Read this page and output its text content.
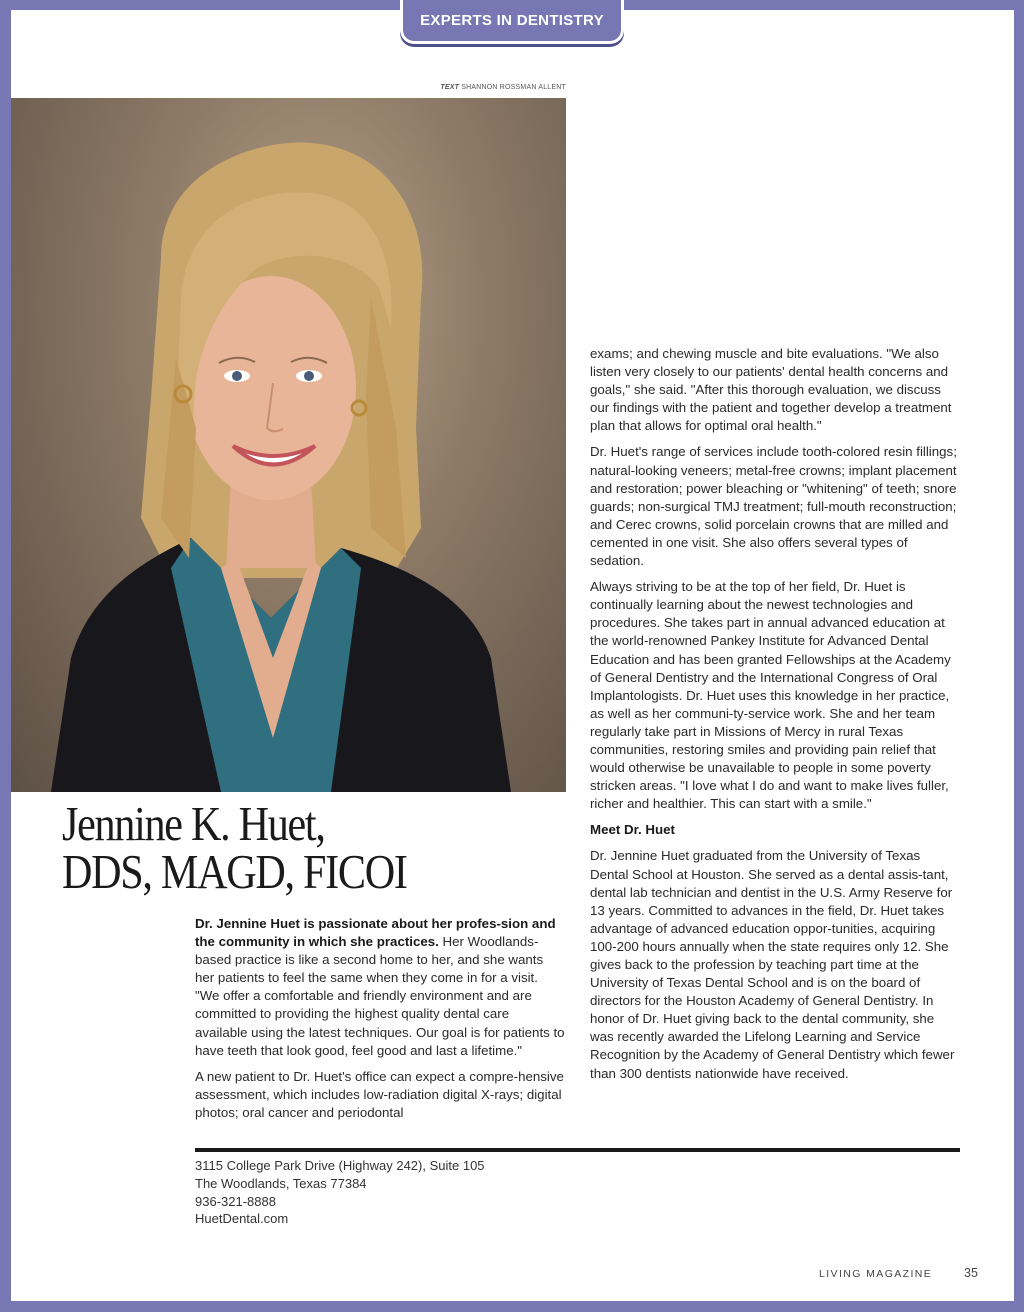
EXPERTS IN DENTISTRY
TEXT SHANNON ROSSMAN ALLENT
Jennine K. Huet,
DDS, MAGD, FICOI

Dr. Jennine Huet is passionate about her profes-sion and the community in which she practices. Her Woodlands-based practice is like a second home to her, and she wants her patients to feel the same when they come in for a visit. "We offer a comfortable and friendly environment and are committed to providing the highest quality dental care available using the latest techniques. Our goal is for patients to have teeth that look good, feel good and last a lifetime."

A new patient to Dr. Huet's office can expect a compre-hensive assessment, which includes low-radiation digital X-rays; digital photos; oral cancer and periodontal

exams; and chewing muscle and bite evaluations. "We also listen very closely to our patients' dental health concerns and goals," she said. "After this thorough evaluation, we discuss our findings with the patient and together develop a treatment plan that allows for optimal oral health."

Dr. Huet's range of services include tooth-colored resin fillings; natural-looking veneers; metal-free crowns; implant placement and restoration; power bleaching or "whitening" of teeth; snore guards; non-surgical TMJ treatment; full-mouth reconstruction; and Cerec crowns, solid porcelain crowns that are milled and cemented in one visit. She also offers several types of sedation.

Always striving to be at the top of her field, Dr. Huet is continually learning about the newest technologies and procedures. She takes part in annual advanced education at the world-renowned Pankey Institute for Advanced Dental Education and has been granted Fellowships at the Academy of General Dentistry and the International Congress of Oral Implantologists. Dr. Huet uses this knowledge in her practice, as well as her communi-ty-service work. She and her team regularly take part in Missions of Mercy in rural Texas communities, restoring smiles and providing pain relief that would otherwise be unavailable to people in some poverty stricken areas. "I love what I do and want to make lives fuller, richer and healthier. This can start with a smile."

Meet Dr. Huet

Dr. Jennine Huet graduated from the University of Texas Dental School at Houston. She served as a dental assis-tant, dental lab technician and dentist in the U.S. Army Reserve for 13 years. Committed to advances in the field, Dr. Huet takes advantage of advanced education oppor-tunities, acquiring 100-200 hours annually when the state requires only 12. She gives back to the profession by teaching part time at the University of Texas Dental School and is on the board of directors for the Houston Academy of General Dentistry. In honor of Dr. Huet giving back to the dental community, she was recently awarded the Lifelong Learning and Service Recognition by the Academy of General Dentistry which fewer than 300 dentists nationwide have received.

3115 College Park Drive (Highway 242), Suite 105
The Woodlands, Texas 77384
936-321-8888
HuetDental.com
LIVING MAGAZINE	35
